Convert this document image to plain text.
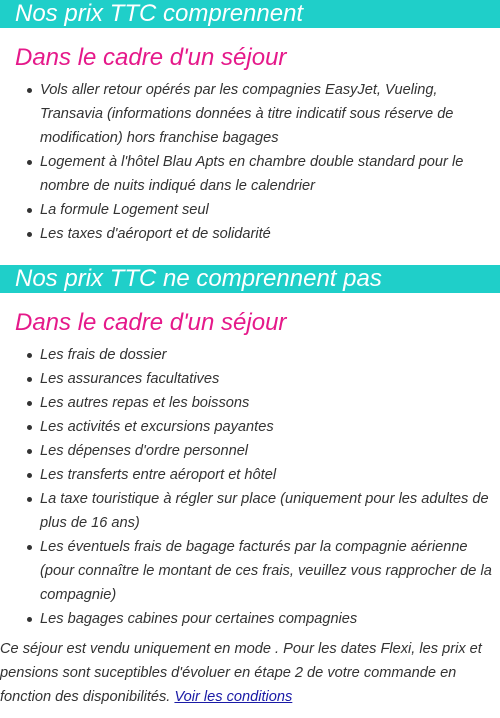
Nos prix TTC comprennent
Dans le cadre d'un séjour
Vols aller retour opérés par les compagnies EasyJet, Vueling, Transavia (informations données à titre indicatif sous réserve de modification) hors franchise bagages
Logement à l'hôtel Blau Apts en chambre double standard pour le nombre de nuits indiqué dans le calendrier
La formule Logement seul
Les taxes d'aéroport et de solidarité
Nos prix TTC ne comprennent pas
Dans le cadre d'un séjour
Les frais de dossier
Les assurances facultatives
Les autres repas et les boissons
Les activités et excursions payantes
Les dépenses d'ordre personnel
Les transferts entre aéroport et hôtel
La taxe touristique à régler sur place (uniquement pour les adultes de plus de 16 ans)
Les éventuels frais de bagage facturés par la compagnie aérienne (pour connaître le montant de ces frais, veuillez vous rapprocher de la compagnie)
Les bagages cabines pour certaines compagnies

Ce séjour est vendu uniquement en mode . Pour les dates Flexi, les prix et pensions sont suceptibles d'évoluer en étape 2 de votre commande en fonction des disponibilités. Voir les conditions
